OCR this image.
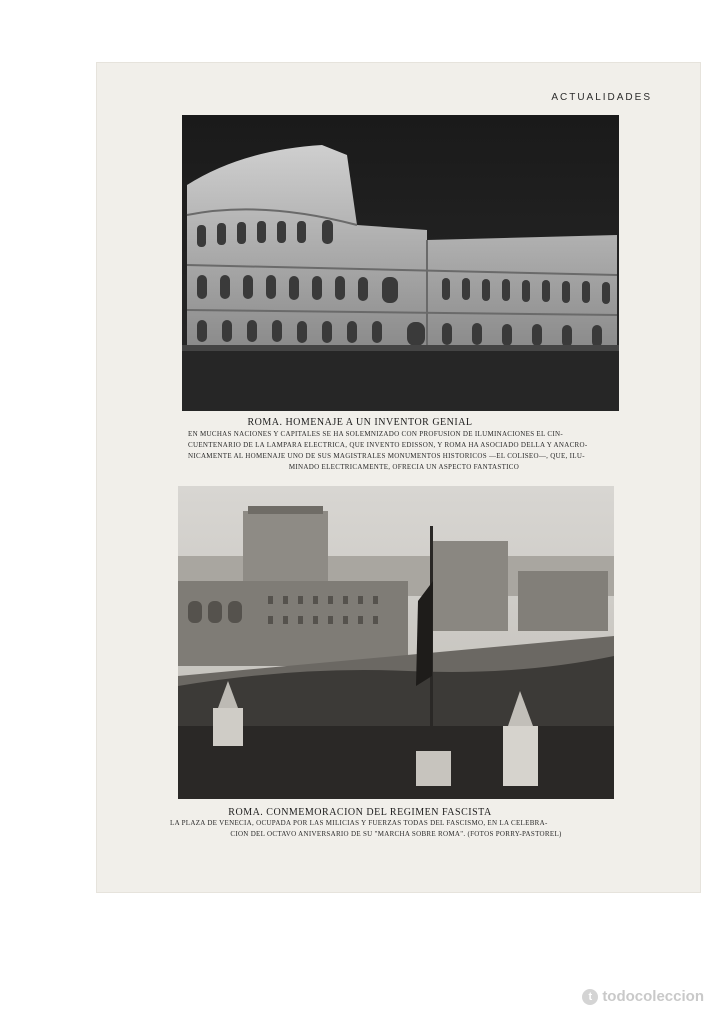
ACTUALIDADES
ROMA. HOMENAJE A UN INVENTOR GENIAL
EN MUCHAS NACIONES Y CAPITALES SE HA SOLEMNIZADO CON PROFUSION DE ILUMINACIONES EL CIN-
CUENTENARIO DE LA LAMPARA ELECTRICA, QUE INVENTO EDISSON, Y ROMA HA ASOCIADO DELLA Y ANACRO-
NICAMENTE AL HOMENAJE UNO DE SUS MAGISTRALES MONUMENTOS HISTORICOS —EL COLISEO—, QUE, ILU-
MINADO ELECTRICAMENTE, OFRECIA UN ASPECTO FANTASTICO
ROMA. CONMEMORACION DEL REGIMEN FASCISTA
LA PLAZA DE VENECIA, OCUPADA POR LAS MILICIAS Y FUERZAS TODAS DEL FASCISMO, EN LA CELEBRA-
CION DEL OCTAVO ANIVERSARIO DE SU "MARCHA SOBRE ROMA". (FOTOS PORRY-PASTOREL)
t todocoleccion
